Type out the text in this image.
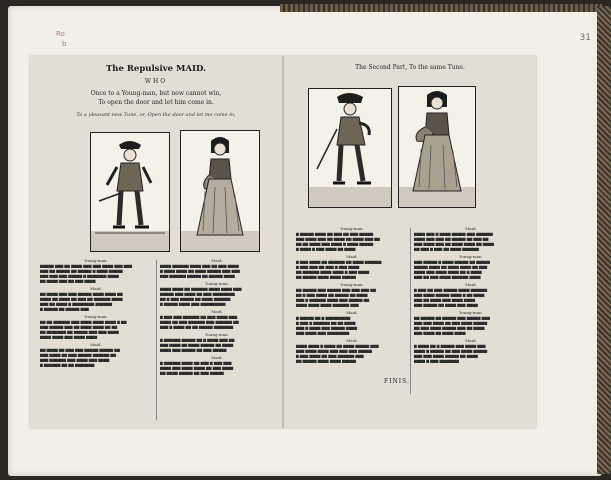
Ro
b
31
The Repulsive MAID.
WHO
Once to a Young-man, but now cannot win,
To open the door and let him come in.
To a pleasant new Tune, or, Open the door and let me come in.
Young-man.
▆▆▆▆▆ ▆▆▆ ▆▆ ▆▆▆▆ ▆▆▆ ▆▆▆ ▆▆▆▆ ▆▆▆ ▆▆▆
▆▆▆ ▆▆ ▆▆▆▆▆ ▆▆ ▆▆▆▆▆ ▆ ▆▆▆▆ ▆▆▆▆▆
▆▆▆ ▆▆▆ ▆▆▆ ▆▆▆▆▆ ▆ ▆▆▆▆▆▆▆ ▆▆▆▆
▆▆ ▆▆▆▆ ▆▆▆ ▆▆ ▆▆▆ ▆▆▆▆
Maid.
▆▆ ▆▆▆▆ ▆▆▆ ▆▆▆ ▆▆▆▆▆ ▆▆▆▆ ▆▆▆▆ ▆▆
▆▆▆▆ ▆▆ ▆▆▆▆ ▆▆ ▆▆▆ ▆▆ ▆▆▆▆▆▆ ▆▆▆▆
▆▆▆ ▆▆ ▆▆▆▆ ▆ ▆▆▆▆▆▆▆▆ ▆▆▆▆▆▆
▆ ▆▆▆▆▆ ▆▆ ▆▆▆▆▆ ▆▆▆
Young-man.
▆▆ ▆▆ ▆▆▆▆▆▆ ▆▆▆ ▆▆▆▆ ▆▆▆▆ ▆▆▆▆ ▆ ▆▆
▆▆▆ ▆▆▆▆▆ ▆▆▆ ▆▆ ▆▆▆▆ ▆▆▆▆ ▆▆ ▆▆
▆▆ ▆▆▆▆▆▆▆ ▆▆ ▆▆▆▆▆ ▆▆▆ ▆▆▆ ▆▆▆▆
▆▆▆▆ ▆▆▆▆ ▆▆▆ ▆▆▆▆ ▆▆▆▆
Maid.
▆▆ ▆▆▆▆ ▆▆ ▆▆▆ ▆▆▆ ▆▆▆▆▆ ▆▆▆▆▆ ▆▆
▆▆▆ ▆▆▆▆ ▆▆ ▆▆▆ ▆▆▆▆▆ ▆▆▆▆▆▆ ▆▆
▆▆▆ ▆▆▆▆▆▆ ▆▆▆ ▆▆▆▆ ▆▆▆ ▆▆▆▆
▆ ▆▆▆▆▆▆ ▆▆ ▆▆ ▆▆▆▆▆▆▆
Maid.
▆▆▆▆ ▆▆▆▆▆▆ ▆▆▆▆ ▆▆▆ ▆▆ ▆▆▆ ▆▆▆▆
▆ ▆▆▆▆ ▆▆▆▆ ▆▆ ▆▆▆▆ ▆▆▆▆▆ ▆▆▆ ▆▆▆
▆▆▆ ▆▆▆▆▆▆ ▆▆▆▆▆ ▆▆ ▆▆▆▆▆ ▆▆▆▆
Young-man.
▆▆▆▆ ▆▆▆▆ ▆▆ ▆▆▆▆▆▆ ▆▆▆▆ ▆▆▆▆ ▆▆▆
▆▆▆▆▆ ▆▆▆ ▆▆▆▆ ▆▆ ▆▆▆ ▆▆▆▆▆▆▆▆
▆▆ ▆ ▆▆▆ ▆▆▆▆▆ ▆▆ ▆▆▆▆ ▆▆▆▆▆▆
▆ ▆▆▆▆▆ ▆▆▆▆ ▆▆▆ ▆▆▆▆▆▆▆▆▆
Maid.
▆ ▆▆▆ ▆▆▆ ▆▆▆▆▆▆ ▆▆ ▆▆▆ ▆▆▆▆ ▆▆▆
▆▆▆▆ ▆▆ ▆▆▆ ▆▆▆▆▆▆ ▆▆▆ ▆▆▆▆▆▆ ▆▆
▆▆▆ ▆ ▆▆▆▆ ▆▆ ▆▆ ▆▆▆▆▆ ▆▆▆▆▆▆▆
Young-man.
▆ ▆▆▆▆▆▆ ▆▆▆▆▆ ▆▆ ▆ ▆▆▆▆ ▆▆▆ ▆▆
▆▆▆ ▆▆▆▆ ▆▆ ▆▆▆▆ ▆▆▆▆▆ ▆▆ ▆▆▆▆
▆▆▆▆ ▆▆▆ ▆▆▆▆▆ ▆▆ ▆▆▆ ▆▆▆▆▆
Maid.
▆ ▆▆▆▆▆▆ ▆▆▆▆ ▆▆ ▆▆▆ ▆ ▆▆▆ ▆▆▆
▆▆▆▆ ▆▆▆ ▆▆▆▆ ▆▆▆▆ ▆▆ ▆▆▆ ▆▆▆▆
▆▆ ▆▆▆▆ ▆▆▆▆▆ ▆▆ ▆▆▆ ▆▆▆▆▆
The Second Part, To the same Tune.
Young-man.
▆ ▆▆▆▆▆ ▆▆▆▆ ▆▆ ▆▆▆ ▆▆ ▆▆▆ ▆▆▆▆▆
▆▆▆ ▆▆▆▆ ▆▆▆ ▆▆ ▆▆▆▆ ▆▆ ▆▆▆▆ ▆▆▆ ▆▆
▆▆ ▆▆ ▆▆▆▆ ▆▆▆ ▆▆▆▆ ▆ ▆▆▆▆ ▆▆▆▆▆
▆ ▆▆▆▆ ▆ ▆▆▆ ▆▆▆▆ ▆▆ ▆▆▆▆
Maid.
▆ ▆▆▆ ▆▆▆▆ ▆▆ ▆▆▆▆▆▆ ▆▆ ▆▆▆▆ ▆▆▆▆▆▆
▆ ▆▆▆ ▆▆▆ ▆▆ ▆▆▆ ▆ ▆▆▆ ▆▆▆▆
▆▆ ▆▆▆▆▆▆ ▆▆▆▆ ▆▆▆▆ ▆ ▆▆▆ ▆▆▆▆
▆▆ ▆▆▆▆▆ ▆▆▆▆ ▆▆▆▆ ▆▆▆▆▆
Young-man.
▆▆ ▆▆▆▆▆ ▆▆▆ ▆▆▆▆▆ ▆▆▆ ▆▆▆ ▆▆▆ ▆▆
▆▆ ▆ ▆▆▆ ▆▆▆▆ ▆▆ ▆▆▆▆▆ ▆▆ ▆▆▆▆
▆▆▆ ▆ ▆▆▆▆▆▆ ▆▆▆▆ ▆▆▆ ▆▆▆▆▆ ▆▆
▆▆▆▆ ▆▆▆▆ ▆▆▆▆ ▆▆▆▆▆▆ ▆▆▆
Maid.
▆ ▆▆▆▆▆ ▆▆ ▆ ▆▆▆▆▆▆▆▆▆
▆ ▆▆▆ ▆ ▆▆▆▆▆▆ ▆▆ ▆▆ ▆▆▆▆
▆▆▆ ▆ ▆▆▆▆ ▆▆▆ ▆▆▆▆▆ ▆▆▆▆
▆▆▆ ▆▆▆▆ ▆▆▆ ▆▆▆▆▆▆▆▆
Maid.
▆▆▆▆ ▆▆▆▆ ▆ ▆▆▆▆ ▆▆ ▆▆▆▆ ▆▆▆▆▆ ▆▆▆
▆▆▆ ▆▆▆▆ ▆▆▆▆ ▆▆▆ ▆▆▆ ▆▆▆ ▆▆▆▆▆
▆ ▆▆▆ ▆▆▆▆ ▆▆ ▆▆▆ ▆▆▆▆▆▆ ▆▆▆
▆▆ ▆▆▆▆▆ ▆▆▆▆ ▆▆▆▆ ▆▆▆▆▆
Maid.
▆▆▆▆ ▆▆▆ ▆ ▆▆▆▆ ▆▆▆▆▆ ▆▆▆ ▆▆▆▆▆▆
▆▆▆▆ ▆▆▆ ▆▆▆ ▆▆ ▆▆▆▆▆ ▆▆ ▆▆▆ ▆▆
▆▆▆ ▆▆▆▆ ▆▆▆ ▆▆ ▆▆▆▆ ▆▆▆▆ ▆▆ ▆▆▆▆
▆▆ ▆▆▆ ▆ ▆▆▆ ▆▆ ▆▆▆▆ ▆▆▆▆▆▆
Young-man.
▆▆▆ ▆▆▆▆▆ ▆ ▆▆▆▆ ▆▆▆▆▆ ▆▆ ▆▆▆▆▆
▆▆▆▆▆ ▆▆▆▆ ▆▆ ▆▆▆▆ ▆▆▆▆ ▆▆ ▆▆▆
▆▆▆▆ ▆▆▆ ▆▆▆▆ ▆▆▆▆ ▆▆ ▆ ▆▆▆▆
▆▆▆ ▆▆ ▆▆▆ ▆▆▆▆ ▆▆▆▆▆▆ ▆▆▆▆
Maid.
▆ ▆▆▆ ▆▆ ▆▆▆ ▆▆▆▆▆ ▆▆▆▆ ▆▆▆▆▆▆
▆▆▆ ▆▆▆▆ ▆▆▆▆▆ ▆▆▆▆ ▆ ▆▆ ▆▆▆▆
▆▆▆ ▆▆ ▆▆▆▆ ▆▆▆ ▆▆▆▆ ▆▆▆▆
▆▆▆ ▆▆▆▆▆ ▆▆ ▆▆▆▆ ▆▆▆ ▆▆▆▆
Young-man.
▆▆ ▆▆▆▆▆ ▆▆ ▆▆▆▆▆ ▆▆▆ ▆▆▆▆▆ ▆▆▆
▆▆▆ ▆▆▆ ▆▆▆▆ ▆▆ ▆▆▆ ▆▆▆▆ ▆▆▆▆▆
▆▆ ▆▆▆ ▆▆▆▆ ▆▆▆▆▆ ▆▆▆ ▆▆ ▆▆▆▆
▆▆▆ ▆▆▆▆ ▆▆ ▆▆▆▆ ▆▆▆▆
Maid.
▆ ▆▆▆▆ ▆▆ ▆ ▆▆▆▆▆ ▆▆▆ ▆▆▆▆ ▆▆▆
▆▆▆▆ ▆ ▆▆▆▆▆ ▆▆ ▆▆▆ ▆▆▆▆ ▆▆▆▆▆
▆▆▆ ▆▆▆ ▆▆▆▆ ▆▆▆▆▆ ▆▆ ▆▆▆▆
▆▆▆▆ ▆ ▆▆▆ ▆▆▆▆▆▆▆
FINIS.
